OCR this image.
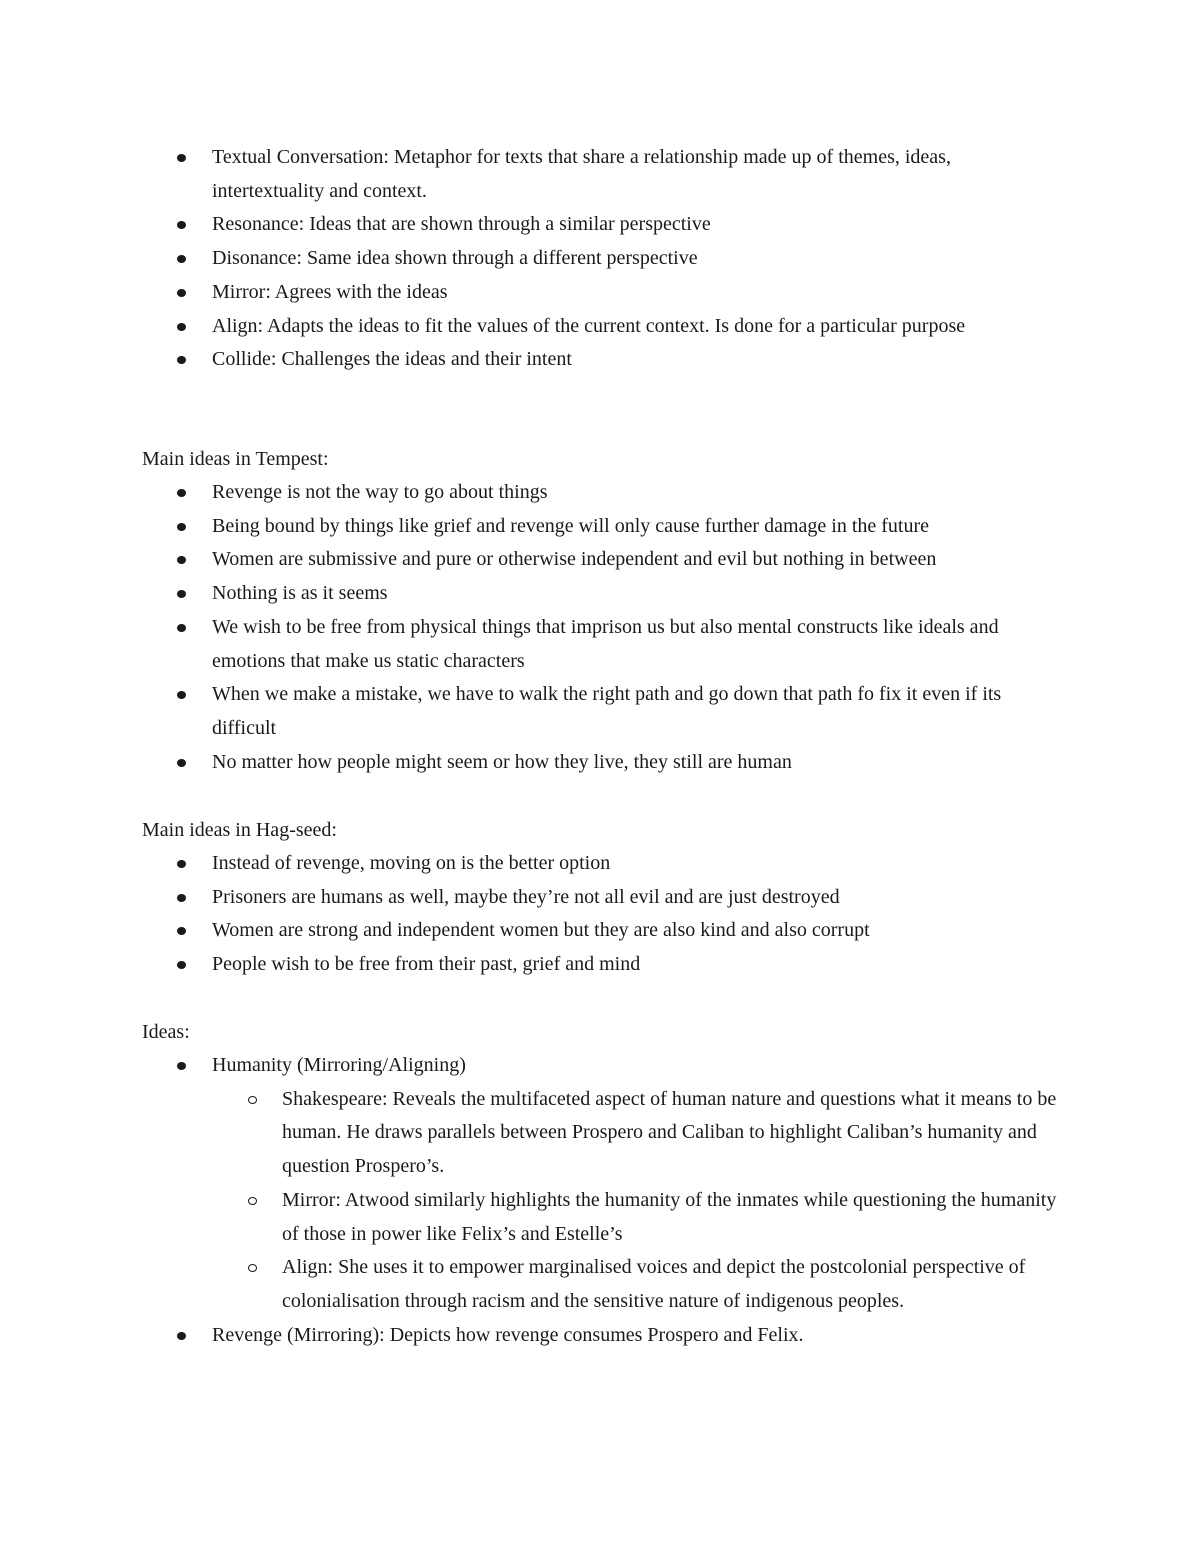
Textual Conversation: Metaphor for texts that share a relationship made up of themes, ideas, intertextuality and context.
Resonance: Ideas that are shown through a similar perspective
Disonance: Same idea shown through a different perspective
Mirror: Agrees with the ideas
Align: Adapts the ideas to fit the values of the current context. Is done for a particular purpose
Collide: Challenges the ideas and their intent

Main ideas in Tempest:

Revenge is not the way to go about things
Being bound by things like grief and revenge will only cause further damage in the future
Women are submissive and pure or otherwise independent and evil but nothing in between
Nothing is as it seems
We wish to be free from physical things that imprison us but also mental constructs like ideals and emotions that make us static characters
When we make a mistake, we have to walk the right path and go down that path fo fix it even if its difficult
No matter how people might seem or how they live, they still are human

Main ideas in Hag-seed:

Instead of revenge, moving on is the better option
Prisoners are humans as well, maybe they’re not all evil and are just destroyed
Women are strong and independent women but they are also kind and also corrupt
People wish to be free from their past, grief and mind

Ideas:

Humanity (Mirroring/Aligning)
Shakespeare: Reveals the multifaceted aspect of human nature and questions what it means to be human. He draws parallels between Prospero and Caliban to highlight Caliban’s humanity and question Prospero’s.
Mirror: Atwood similarly highlights the humanity of the inmates while questioning the humanity of those in power like Felix’s and Estelle’s
Align: She uses it to empower marginalised voices and depict the postcolonial perspective of colonialisation through racism and the sensitive nature of indigenous peoples.
Revenge (Mirroring): Depicts how revenge consumes Prospero and Felix.
